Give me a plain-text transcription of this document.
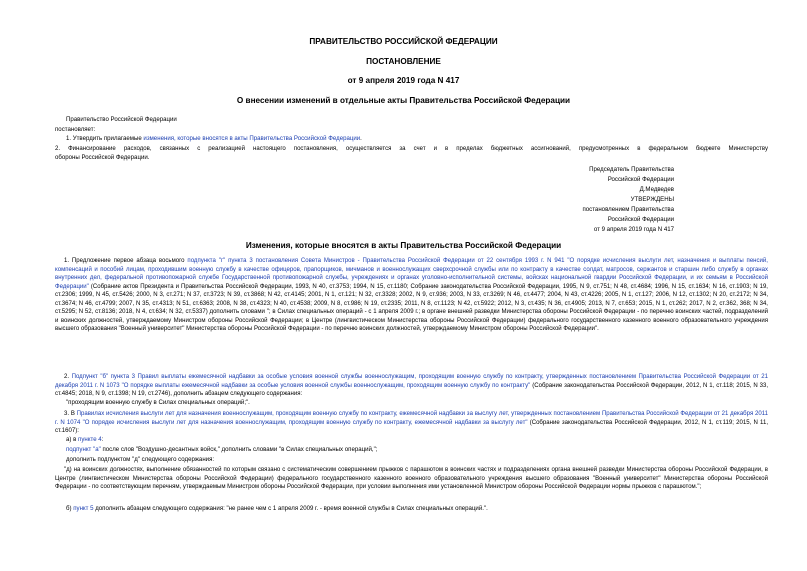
ПРАВИТЕЛЬСТВО РОССИЙСКОЙ ФЕДЕРАЦИИ
ПОСТАНОВЛЕНИЕ
от 9 апреля 2019 года N 417
О внесении изменений в отдельные акты Правительства Российской Федерации
Правительство Российской Федерации
постановляет:
1. Утвердить прилагаемые изменения, которые вносятся в акты Правительства Российской Федерации.
2. Финансирование расходов, связанных с реализацией настоящего постановления, осуществляется за счет и в пределах бюджетных ассигнований, предусмотренных в федеральном бюджете Министерству
обороны Российской Федерации.
Председатель Правительства
Российской Федерации
Д.Медведев
УТВЕРЖДЕНЫ
постановлением Правительства
Российской Федерации
от 9 апреля 2019 года N 417
Изменения, которые вносятся в акты Правительства Российской Федерации
1. Предложение первое абзаца восьмого подпункта "г" пункта 3 постановления Совета Министров - Правительства Российской Федерации от 22 сентября 1993 г. N 941 "О порядке исчисления выслуги лет, назначения и выплаты пенсий, компенсаций и пособий лицам, проходившим военную службу в качестве офицеров, прапорщиков, мичманов и военнослужащих сверхсрочной службы или по контракту в качестве солдат, матросов, сержантов и старшин либо службу в органах внутренних дел, федеральной противопожарной службе Государственной противопожарной службы, учреждениях и органах уголовно-исполнительной системы, войсках национальной гвардии Российской Федерации, и их семьям в Российской Федерации" (Собрание актов Президента и Правительства Российской Федерации, 1993, N 40, ст.3753; 1994, N 15, ст.1180; Собрание законодательства Российской Федерации, 1995, N 9, ст.751; N 48, ст.4684; 1996, N 15, ст.1634; N 16, ст.1903; N 19, ст.2306; 1999, N 45, ст.5426; 2000, N 3, ст.271; N 37, ст.3723; N 39, ст.3868; N 42, ст.4145; 2001, N 1, ст.121; N 32, ст.3328; 2002, N 9, ст.936; 2003, N 33, ст.3269; N 46, ст.4477; 2004, N 43, ст.4226; 2005, N 1, ст.127; 2006, N 12, ст.1302; N 20, ст.2172; N 34, ст.3674; N 46, ст.4799; 2007, N 35, ст.4313; N 51, ст.6363; 2008, N 38, ст.4323; N 40, ст.4538; 2009, N 8, ст.986; N 19, ст.2335; 2011, N 8, ст.1123; N 42, ст.5922; 2012, N 3, ст.435; N 36, ст.4905; 2013, N 7, ст.653; 2015, N 1, ст.262; 2017, N 2, ст.362, 368; N 34, ст.5295; N 52, ст.8136; 2018, N 4, ст.634; N 32, ст.5337) дополнить словами "; в Силах специальных операций - с 1 апреля 2009 г.; в органе внешней разведки Министерства обороны Российской Федерации - по перечню воинских частей, подразделений и воинских должностей, утверждаемому Министром обороны Российской Федерации; в Центре (лингвистическом Министерства обороны Российской Федерации) федерального государственного казенного военного образовательного учреждения высшего образования "Военный университет" Министерства обороны Российской Федерации - по перечню воинских должностей, утверждаемому Министром обороны Российской Федерации".
2. Подпункт "б" пункта 3 Правил выплаты ежемесячной надбавки за особые условия военной службы военнослужащим, проходящим военную службу по контракту, утвержденных постановлением Правительства Российской Федерации от 21 декабря 2011 г. N 1073 "О порядке выплаты ежемесячной надбавки за особые условия военной службы военнослужащим, проходящим военную службу по контракту" (Собрание законодательства Российской Федерации, 2012, N 1, ст.118; 2015, N 33, ст.4845; 2018, N 9, ст.1398; N 19, ст.2746), дополнить абзацем следующего содержания:
"проходящим военную службу в Силах специальных операций;".
3. В Правилах исчисления выслуги лет для назначения военнослужащим, проходящим военную службу по контракту, ежемесячной надбавки за выслугу лет, утвержденных постановлением Правительства Российской Федерации от 21 декабря 2011 г. N 1074 "О порядке исчисления выслуги лет для назначения военнослужащим, проходящим военную службу по контракту, ежемесячной надбавки за выслугу лет" (Собрание законодательства Российской Федерации, 2012, N 1, ст.119; 2015, N 11, ст.1607):
а) в пункте 4:
подпункт "а" после слов "Воздушно-десантных войск," дополнить словами "в Силах специальных операций,";
дополнить подпунктом "д" следующего содержания:
"д) на воинских должностях, выполнение обязанностей по которым связано с систематическим совершением прыжков с парашютом в воинских частях и подразделениях органа внешней разведки Министерства обороны Российской Федерации, в Центре (лингвистическом Министерства обороны Российской Федерации) федерального государственного казенного военного образовательного учреждения высшего образования "Военный университет" Министерства обороны Российской Федерации - по соответствующим перечням, утверждаемым Министром обороны Российской Федерации, при условии выполнения ими установленной Министром обороны Российской Федерации нормы прыжков с парашютом.";
б) пункт 5 дополнить абзацем следующего содержания: "не ранее чем с 1 апреля 2009 г. - время военной службы в Силах специальных операций.".
